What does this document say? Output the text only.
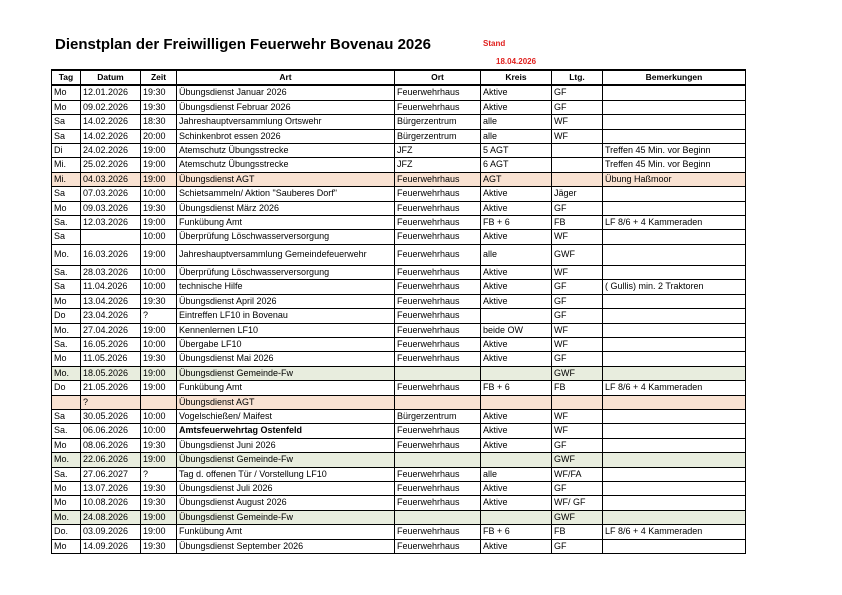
Dienstplan der Freiwilligen Feuerwehr Bovenau 2026	Stand
18.04.2026
Tag	Datum	Zeit	Art	Ort	Kreis	Ltg.	Bemerkungen
Mo	12.01.2026	19:30	Übungsdienst Januar 2026	Feuerwehrhaus	Aktive	GF	
Mo	09.02.2026	19:30	Übungsdienst Februar 2026	Feuerwehrhaus	Aktive	GF	
Sa	14.02.2026	18:30	Jahreshauptversammlung Ortswehr	Bürgerzentrum	alle	WF	
Sa	14.02.2026	20:00	Schinkenbrot essen 2026	Bürgerzentrum	alle	WF	
Di	24.02.2026	19:00	Atemschutz Übungsstrecke	JFZ	5 AGT		Treffen 45 Min. vor Beginn
Mi.	25.02.2026	19:00	Atemschutz Übungsstrecke	JFZ	6 AGT		Treffen 45 Min. vor Beginn
Mi.	04.03.2026	19:00	Übungsdienst AGT	Feuerwehrhaus	AGT		Übung Haßmoor
Sa	07.03.2026	10:00	Schietsammeln/ Aktion "Sauberes Dorf"	Feuerwehrhaus	Aktive	Jäger	
Mo	09.03.2026	19:30	Übungsdienst März 2026	Feuerwehrhaus	Aktive	GF	
Sa.	12.03.2026	19:00	Funkübung Amt	Feuerwehrhaus	FB + 6	FB	LF 8/6 + 4 Kammeraden
Sa		10:00	Überprüfung Löschwasserversorgung	Feuerwehrhaus	Aktive	WF	
Mo.	16.03.2026	19:00	Jahreshauptversammlung Gemeindefeuerwehr	Feuerwehrhaus	alle	GWF	
Sa.	28.03.2026	10:00	Überprüfung Löschwasserversorgung	Feuerwehrhaus	Aktive	WF	
Sa	11.04.2026	10:00	technische Hilfe	Feuerwehrhaus	Aktive	GF	( Gullis) min. 2 Traktoren
Mo	13.04.2026	19:30	Übungsdienst April 2026	Feuerwehrhaus	Aktive	GF	
Do	23.04.2026	?	Eintreffen LF10 in Bovenau	Feuerwehrhaus		GF	
Mo.	27.04.2026	19:00	Kennenlernen LF10	Feuerwehrhaus	beide OW	WF	
Sa.	16.05.2026	10:00	Übergabe LF10	Feuerwehrhaus	Aktive	WF	
Mo	11.05.2026	19:30	Übungsdienst Mai 2026	Feuerwehrhaus	Aktive	GF	
Mo.	18.05.2026	19:00	Übungsdienst Gemeinde-Fw			GWF	
Do	21.05.2026	19:00	Funkübung Amt	Feuerwehrhaus	FB + 6	FB	LF 8/6 + 4 Kammeraden
	?		Übungsdienst AGT				
Sa	30.05.2026	10:00	Vogelschießen/ Maifest	Bürgerzentrum	Aktive	WF	
Sa.	06.06.2026	10:00	Amtsfeuerwehrtag Ostenfeld	Feuerwehrhaus	Aktive	WF	
Mo	08.06.2026	19:30	Übungsdienst Juni 2026	Feuerwehrhaus	Aktive	GF	
Mo.	22.06.2026	19:00	Übungsdienst Gemeinde-Fw			GWF	
Sa.	27.06.2027	?	Tag d. offenen Tür / Vorstellung LF10	Feuerwehrhaus	alle	WF/FA	
Mo	13.07.2026	19:30	Übungsdienst Juli 2026	Feuerwehrhaus	Aktive	GF	
Mo	10.08.2026	19:30	Übungsdienst August 2026	Feuerwehrhaus	Aktive	WF/ GF	
Mo.	24.08.2026	19:00	Übungsdienst Gemeinde-Fw			GWF	
Do.	03.09.2026	19:00	Funkübung Amt	Feuerwehrhaus	FB + 6	FB	LF 8/6 + 4 Kammeraden
Mo	14.09.2026	19:30	Übungsdienst September 2026	Feuerwehrhaus	Aktive	GF	
